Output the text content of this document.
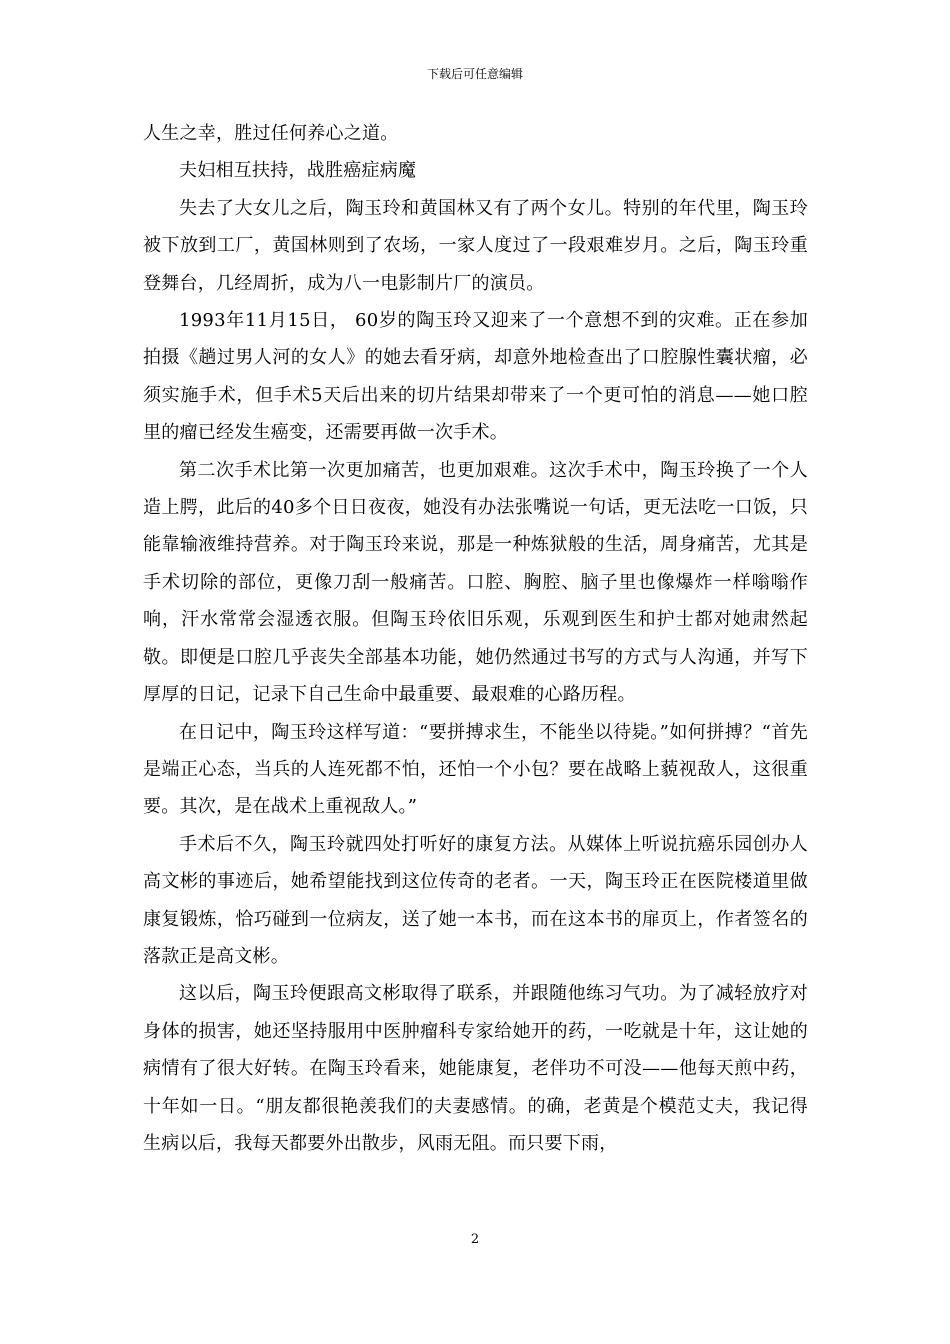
下载后可任意编辑

人生之幸，胜过任何养心之道。

夫妇相互扶持，战胜癌症病魔

失去了大女儿之后，陶玉玲和黄国林又有了两个女儿。特别的年代里，陶玉玲被下放到工厂，黄国林则到了农场，一家人度过了一段艰难岁月。之后，陶玉玲重登舞台，几经周折，成为八一电影制片厂的演员。

1993年11月15日， 60岁的陶玉玲又迎来了一个意想不到的灾难。正在参加拍摄《趟过男人河的女人》的她去看牙病，却意外地检查出了口腔腺性囊状瘤，必须实施手术，但手术5天后出来的切片结果却带来了一个更可怕的消息——她口腔里的瘤已经发生癌变，还需要再做一次手术。

第二次手术比第一次更加痛苦，也更加艰难。这次手术中，陶玉玲换了一个人造上腭，此后的40多个日日夜夜，她没有办法张嘴说一句话，更无法吃一口饭，只能靠输液维持营养。对于陶玉玲来说，那是一种炼狱般的生活，周身痛苦，尤其是手术切除的部位，更像刀刮一般痛苦。口腔、胸腔、脑子里也像爆炸一样嗡嗡作响，汗水常常会湿透衣服。但陶玉玲依旧乐观，乐观到医生和护士都对她肃然起敬。即便是口腔几乎丧失全部基本功能，她仍然通过书写的方式与人沟通，并写下厚厚的日记，记录下自己生命中最重要、最艰难的心路历程。

在日记中，陶玉玲这样写道：“要拼搏求生，不能坐以待毙。”如何拼搏？“首先是端正心态，当兵的人连死都不怕，还怕一个小包？要在战略上藐视敌人，这很重要。其次，是在战术上重视敌人。”

手术后不久，陶玉玲就四处打听好的康复方法。从媒体上听说抗癌乐园创办人高文彬的事迹后，她希望能找到这位传奇的老者。一天，陶玉玲正在医院楼道里做康复锻炼，恰巧碰到一位病友，送了她一本书，而在这本书的扉页上，作者签名的落款正是高文彬。

这以后，陶玉玲便跟高文彬取得了联系，并跟随他练习气功。为了减轻放疗对身体的损害，她还坚持服用中医肿瘤科专家给她开的药，一吃就是十年，这让她的病情有了很大好转。在陶玉玲看来，她能康复，老伴功不可没——他每天煎中药，十年如一日。“朋友都很艳羡我们的夫妻感情。的确，老黄是个模范丈夫，我记得生病以后，我每天都要外出散步，风雨无阻。而只要下雨，

2
